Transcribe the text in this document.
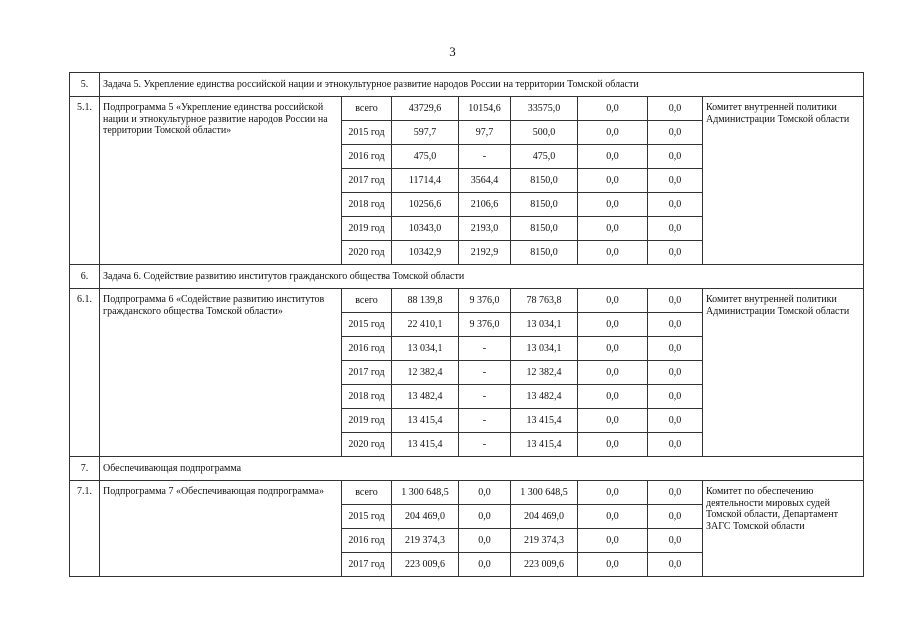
3
5.	Задача 5. Укрепление единства российской нации и этнокультурное развитие народов России на территории Томской области							
5.1.	Подпрограмма 5 «Укрепление единства российской нации и этнокультурное развитие народов России на территории Томской области»	всего	43729,6	10154,6	33575,0	0,0	0,0	Комитет внутренней политики Администрации Томской области
		2015 год	597,7	97,7	500,0	0,0	0,0	
		2016 год	475,0	-	475,0	0,0	0,0	
		2017 год	11714,4	3564,4	8150,0	0,0	0,0	
		2018 год	10256,6	2106,6	8150,0	0,0	0,0	
		2019 год	10343,0	2193,0	8150,0	0,0	0,0	
		2020 год	10342,9	2192,9	8150,0	0,0	0,0	
6.	Задача 6. Содействие развитию институтов гражданского общества Томской области							
6.1.	Подпрограмма 6 «Содействие развитию институтов гражданского общества Томской области»	всего	88 139,8	9 376,0	78 763,8	0,0	0,0	Комитет внутренней политики Администрации Томской области
		2015 год	22 410,1	9 376,0	13 034,1	0,0	0,0	
		2016 год	13 034,1	-	13 034,1	0,0	0,0	
		2017 год	12 382,4	-	12 382,4	0,0	0,0	
		2018 год	13 482,4	-	13 482,4	0,0	0,0	
		2019 год	13 415,4	-	13 415,4	0,0	0,0	
		2020 год	13 415,4	-	13 415,4	0,0	0,0	
7.	Обеспечивающая подпрограмма							
7.1.	Подпрограмма 7 «Обеспечивающая подпрограмма»	всего	1 300 648,5	0,0	1 300 648,5	0,0	0,0	Комитет по обеспечению деятельности мировых судей Томской области, Департамент ЗАГС Томской области
		2015 год	204 469,0	0,0	204 469,0	0,0	0,0	
		2016 год	219 374,3	0,0	219 374,3	0,0	0,0	
		2017 год	223 009,6	0,0	223 009,6	0,0	0,0	
